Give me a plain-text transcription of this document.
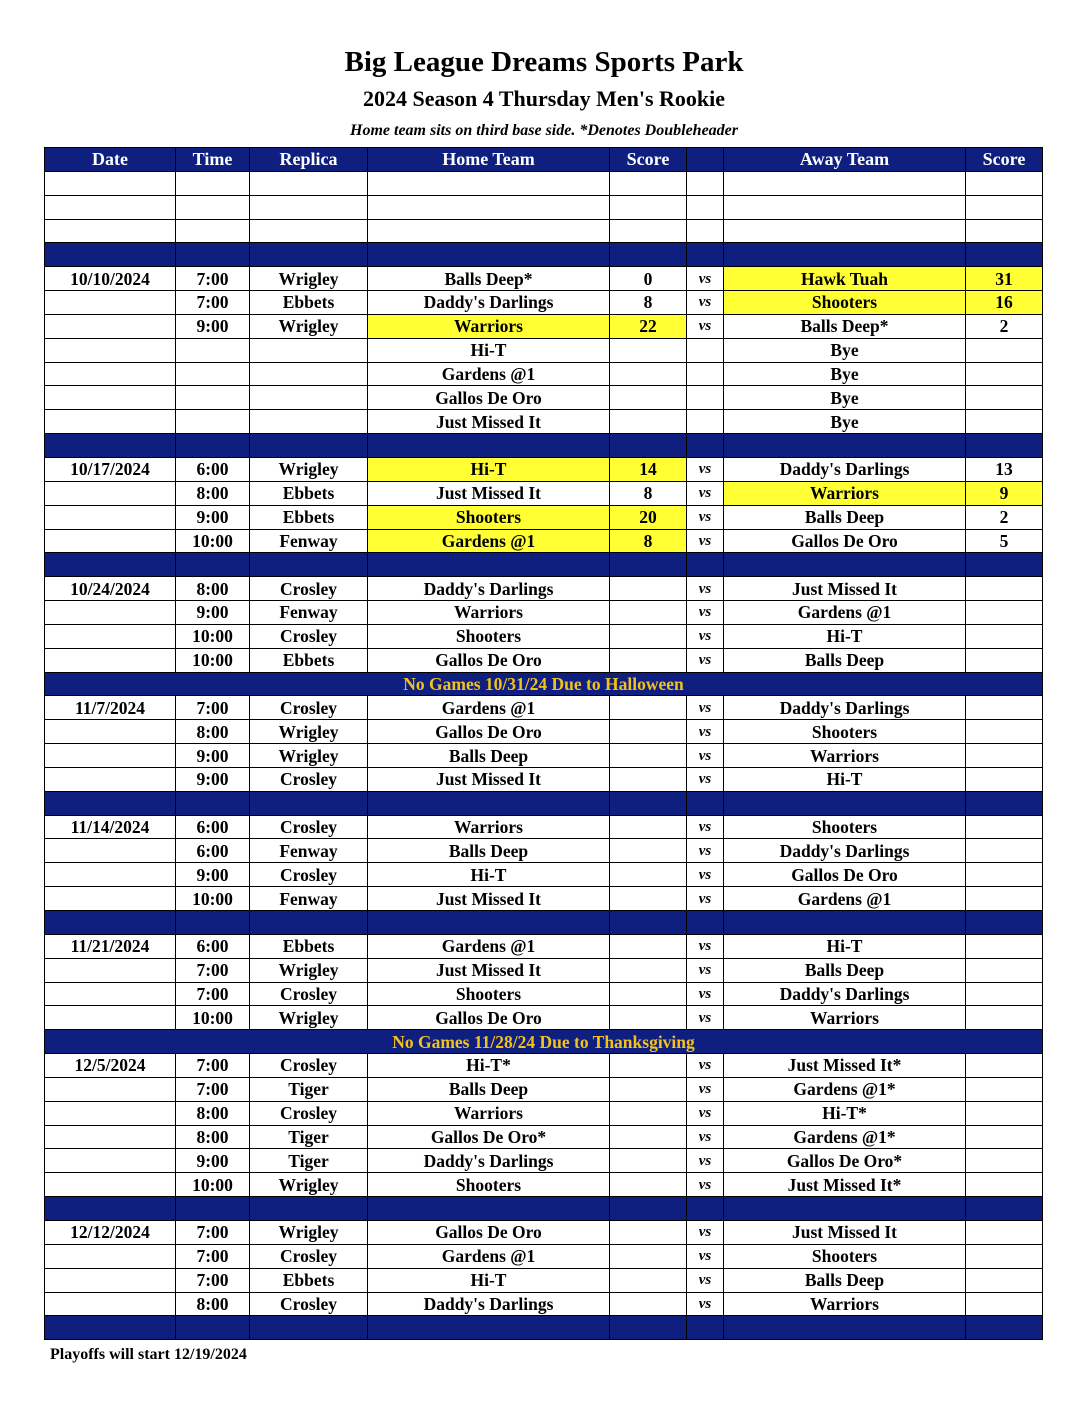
Big League Dreams Sports Park
2024 Season 4 Thursday Men's Rookie
Home team sits on third base side. *Denotes Doubleheader
Date	Time	Replica	Home Team	Score		Away Team	Score

10/10/2024	7:00	Wrigley	Balls Deep*	0	vs	Hawk Tuah	31
	7:00	Ebbets	Daddy's Darlings	8	vs	Shooters	16
	9:00	Wrigley	Warriors	22	vs	Balls Deep*	2
			Hi-T			Bye	
			Gardens @1			Bye	
			Gallos De Oro			Bye	
			Just Missed It			Bye	

10/17/2024	6:00	Wrigley	Hi-T	14	vs	Daddy's Darlings	13
	8:00	Ebbets	Just Missed It	8	vs	Warriors	9
	9:00	Ebbets	Shooters	20	vs	Balls Deep	2
	10:00	Fenway	Gardens @1	8	vs	Gallos De Oro	5

10/24/2024	8:00	Crosley	Daddy's Darlings		vs	Just Missed It	
	9:00	Fenway	Warriors		vs	Gardens @1	
	10:00	Crosley	Shooters		vs	Hi-T	
	10:00	Ebbets	Gallos De Oro		vs	Balls Deep	
No Games 10/31/24 Due to Halloween							
11/7/2024	7:00	Crosley	Gardens @1		vs	Daddy's Darlings	
	8:00	Wrigley	Gallos De Oro		vs	Shooters	
	9:00	Wrigley	Balls Deep		vs	Warriors	
	9:00	Crosley	Just Missed It		vs	Hi-T	

11/14/2024	6:00	Crosley	Warriors		vs	Shooters	
	6:00	Fenway	Balls Deep		vs	Daddy's Darlings	
	9:00	Crosley	Hi-T		vs	Gallos De Oro	
	10:00	Fenway	Just Missed It		vs	Gardens @1	

11/21/2024	6:00	Ebbets	Gardens @1		vs	Hi-T	
	7:00	Wrigley	Just Missed It		vs	Balls Deep	
	7:00	Crosley	Shooters		vs	Daddy's Darlings	
	10:00	Wrigley	Gallos De Oro		vs	Warriors	
No Games 11/28/24 Due to Thanksgiving							
12/5/2024	7:00	Crosley	Hi-T*		vs	Just Missed It*	
	7:00	Tiger	Balls Deep		vs	Gardens @1*	
	8:00	Crosley	Warriors		vs	Hi-T*	
	8:00	Tiger	Gallos De Oro*		vs	Gardens @1*	
	9:00	Tiger	Daddy's Darlings		vs	Gallos De Oro*	
	10:00	Wrigley	Shooters		vs	Just Missed It*	

12/12/2024	7:00	Wrigley	Gallos De Oro		vs	Just Missed It	
	7:00	Crosley	Gardens @1		vs	Shooters	
	7:00	Ebbets	Hi-T		vs	Balls Deep	
	8:00	Crosley	Daddy's Darlings		vs	Warriors	

Playoffs will start 12/19/2024
